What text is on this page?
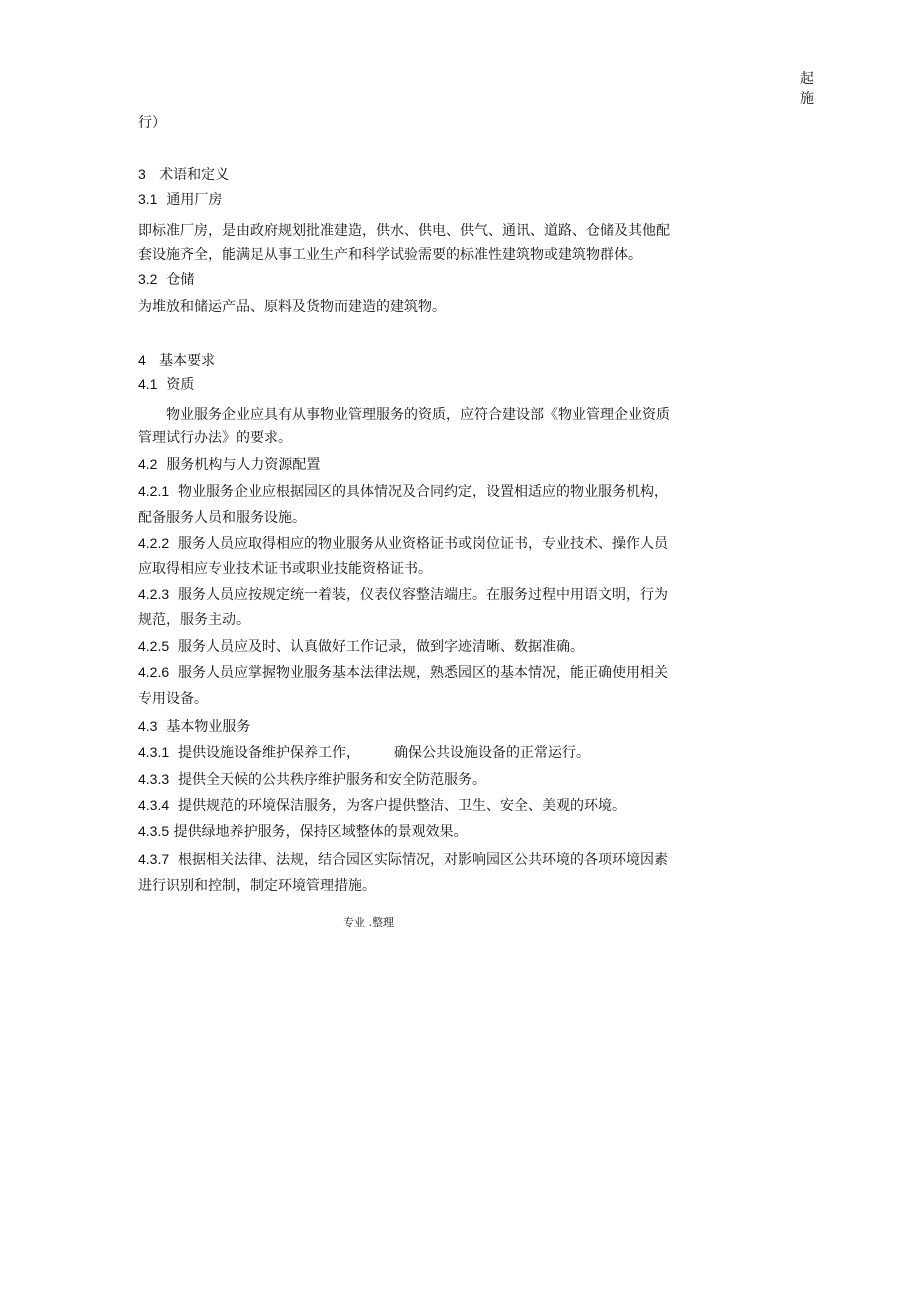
起
施
行）
3 术语和定义
3.1 通用厂房
即标准厂房，是由政府规划批准建造，供水、供电、供气、通讯、道路、仓储及其他配
套设施齐全，能满足从事工业生产和科学试验需要的标准性建筑物或建筑物群体。
3.2 仓储
为堆放和储运产品、原料及货物而建造的建筑物。
4 基本要求
4.1 资质
物业服务企业应具有从事物业管理服务的资质，应符合建设部《物业管理企业资质
管理试行办法》的要求。
4.2 服务机构与人力资源配置
4.2.1 物业服务企业应根据园区的具体情况及合同约定，设置相适应的物业服务机构，
配备服务人员和服务设施。
4.2.2 服务人员应取得相应的物业服务从业资格证书或岗位证书，专业技术、操作人员
应取得相应专业技术证书或职业技能资格证书。
4.2.3 服务人员应按规定统一着装，仪表仪容整洁端庄。在服务过程中用语文明，行为
规范，服务主动。
4.2.5 服务人员应及时、认真做好工作记录，做到字迹清晰、数据准确。
4.2.6 服务人员应掌握物业服务基本法律法规，熟悉园区的基本情况，能正确使用相关
专用设备。
4.3 基本物业服务
4.3.1 提供设施设备维护保养工作， 确保公共设施设备的正常运行。
4.3.3 提供全天候的公共秩序维护服务和安全防范服务。
4.3.4 提供规范的环境保洁服务，为客户提供整洁、卫生、安全、美观的环境。
4.3.5 提供绿地养护服务，保持区域整体的景观效果。
4.3.7 根据相关法律、法规，结合园区实际情况，对影响园区公共环境的各项环境因素
进行识别和控制，制定环境管理措施。
专业 .整理
